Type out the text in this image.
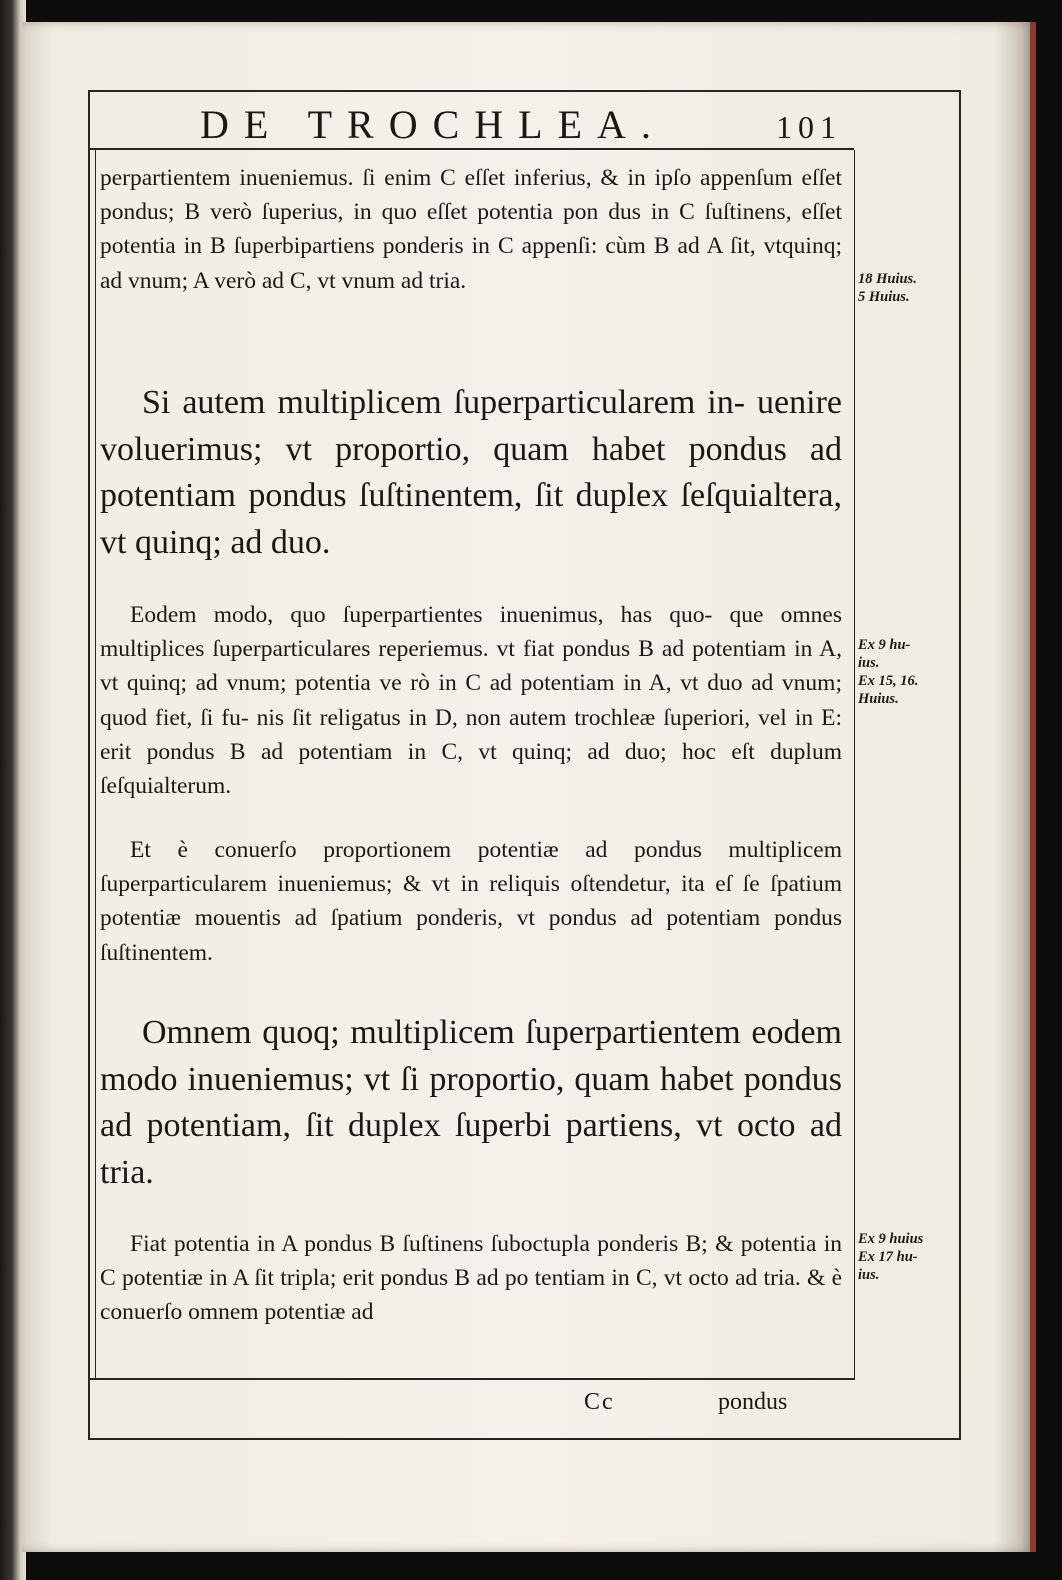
DE TROCHLEA.	101

perpartientem inueniemus. ſi enim C eſſet inferius, & in ipſo appenſum eſſet pondus; B verò ſuperius, in quo eſſet potentia pon dus in C ſuſtinens, eſſet potentia in B ſuperbipartiens ponderis in C appenſi: cùm B ad A ſit, vtquinq; ad vnum; A verò ad C, vt vnum ad tria.

Si autem multiplicem ſuperparticularem in- uenire voluerimus; vt proportio, quam habet pondus ad potentiam pondus ſuſtinentem, ſit duplex ſeſquialtera, vt quinq; ad duo.

Eodem modo, quo ſuperpartientes inuenimus, has quo- que omnes multiplices ſuperparticulares reperiemus. vt fiat pondus B ad potentiam in A, vt quinq; ad vnum; potentia ve rò in C ad potentiam in A, vt duo ad vnum; quod fiet, ſi fu- nis ſit religatus in D, non autem trochleæ ſuperiori, vel in E: erit pondus B ad potentiam in C, vt quinq; ad duo; hoc eſt duplum ſeſquialterum.

Et è conuerſo proportionem potentiæ ad pondus multiplicem ſuperparticularem inueniemus; & vt in reliquis oſtendetur, ita eſ ſe ſpatium potentiæ mouentis ad ſpatium ponderis, vt pondus ad potentiam pondus ſuſtinentem.

Omnem quoq; multiplicem ſuperpartientem eodem modo inueniemus; vt ſi proportio, quam habet pondus ad potentiam, ſit duplex ſuperbi partiens, vt octo ad tria.

Fiat potentia in A pondus B ſuſtinens ſuboctupla ponderis B; & potentia in C potentiæ in A ſit tripla; erit pondus B ad po tentiam in C, vt octo ad tria. & è conuerſo omnem potentiæ ad

18 Huius.
5 Huius.
Ex 9 hu-
ius.
Ex 15, 16.
Huius.
Ex 9 huius
Ex 17 hu-
ius.
Cc	pondus
